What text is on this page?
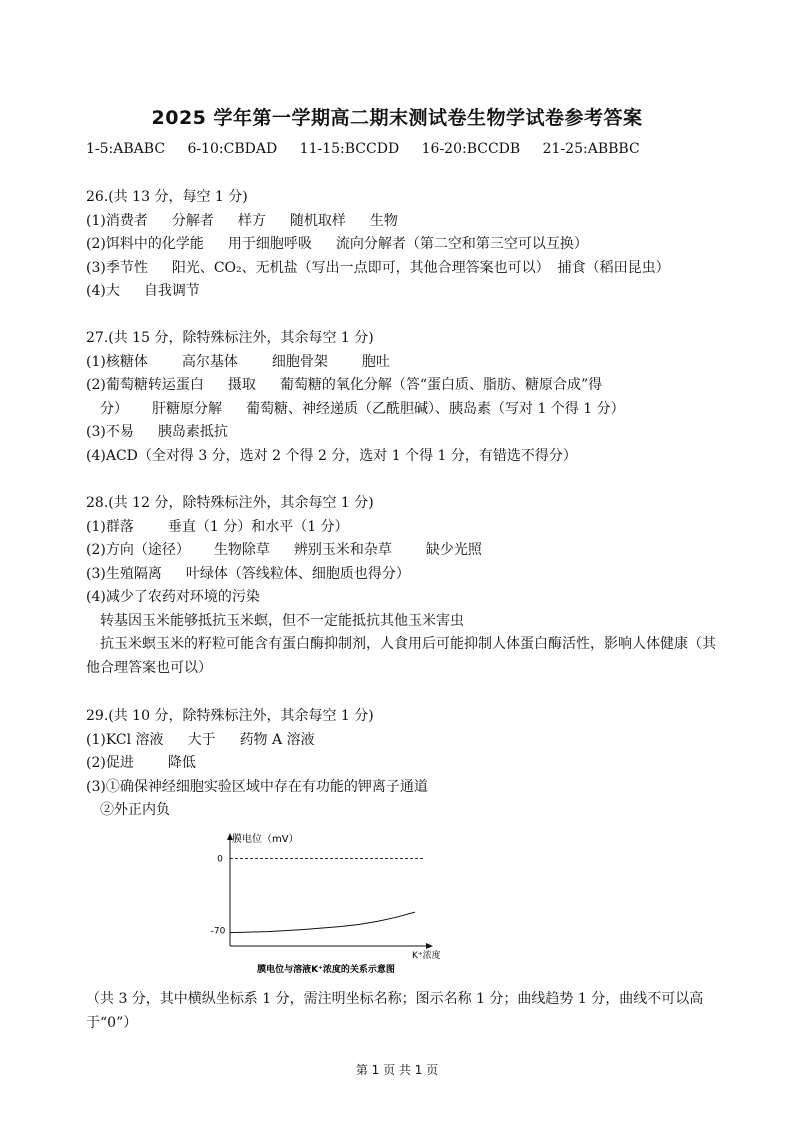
2025 学年第一学期高二期末测试卷生物学试卷参考答案
1-5:ABABC 6-10:CBDAD 11-15:BCCDD 16-20:BCCDB 21-25:ABBBC

26.(共 13 分，每空 1 分)

(1)消费者 分解者 样方 随机取样 生物

(2)饵料中的化学能 用于细胞呼吸 流向分解者（第二空和第三空可以互换）

(3)季节性 阳光、CO₂、无机盐（写出一点即可，其他合理答案也可以） 捕食（稻田昆虫）

(4)大 自我调节

27.(共 15 分，除特殊标注外，其余每空 1 分)

(1)核糖体 高尔基体 细胞骨架 胞吐

(2)葡萄糖转运蛋白 摄取 葡萄糖的氧化分解（答“蛋白质、脂肪、糖原合成”得

分） 肝糖原分解 葡萄糖、神经递质（乙酰胆碱）、胰岛素（写对 1 个得 1 分）

(3)不易 胰岛素抵抗

(4)ACD（全对得 3 分，选对 2 个得 2 分，选对 1 个得 1 分，有错选不得分）

28.(共 12 分，除特殊标注外，其余每空 1 分)

(1)群落 垂直（1 分）和水平（1 分）

(2)方向（途径） 生物除草 辨别玉米和杂草 缺少光照

(3)生殖隔离 叶绿体（答线粒体、细胞质也得分）

(4)减少了农药对环境的污染

转基因玉米能够抵抗玉米螟，但不一定能抵抗其他玉米害虫

抗玉米螟玉米的籽粒可能含有蛋白酶抑制剂，人食用后可能抑制人体蛋白酶活性，影响人体健康（其他合理答案也可以）

29.(共 10 分，除特殊标注外，其余每空 1 分)

(1)KCl 溶液 大于 药物 A 溶液

(2)促进 降低

(3)①确保神经细胞实验区域中存在有功能的钾离子通道

②外正内负

膜电位（mV）
K⁺浓度
0
-70
膜电位与溶液K⁺浓度的关系示意图
（共 3 分，其中横纵坐标系 1 分，需注明坐标名称；图示名称 1 分；曲线趋势 1 分，曲线不可以高于“0”）
第 1 页 共 1 页
